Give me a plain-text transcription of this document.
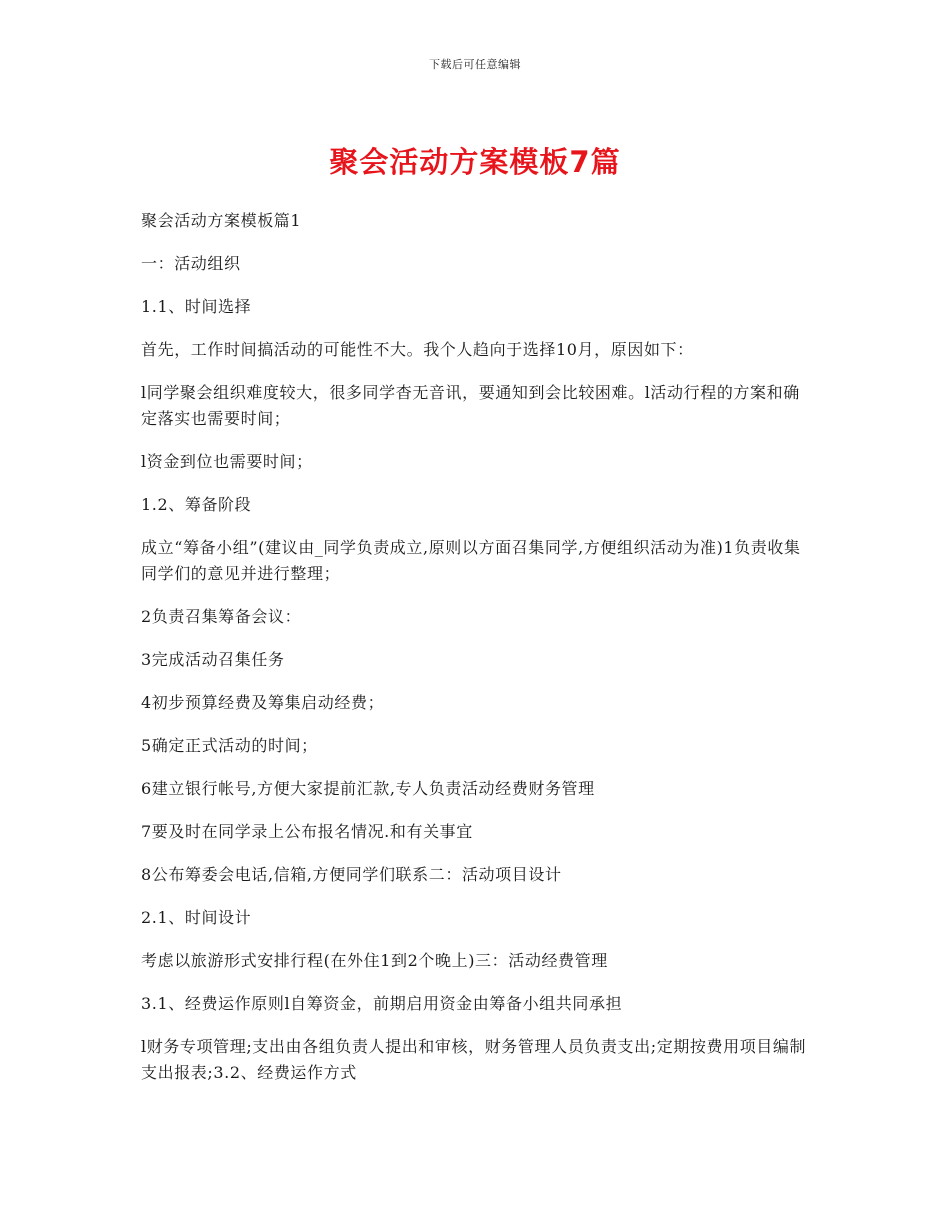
下载后可任意编辑
聚会活动方案模板7篇

聚会活动方案模板篇1

一：活动组织

1.1、时间选择

首先，工作时间搞活动的可能性不大。我个人趋向于选择10月，原因如下：

l同学聚会组织难度较大，很多同学杳无音讯，要通知到会比较困难。l活动行程的方案和确定落实也需要时间；

l资金到位也需要时间；

1.2、筹备阶段

成立“筹备小组”(建议由_同学负责成立,原则以方面召集同学,方便组织活动为准)1负责收集同学们的意见并进行整理；

2负责召集筹备会议：

3完成活动召集任务

4初步预算经费及筹集启动经费；

5确定正式活动的时间；

6建立银行帐号,方便大家提前汇款,专人负责活动经费财务管理

7要及时在同学录上公布报名情况.和有关事宜

8公布筹委会电话,信箱,方便同学们联系二：活动项目设计

2.1、时间设计

考虑以旅游形式安排行程(在外住1到2个晚上)三：活动经费管理

3.1、经费运作原则l自筹资金，前期启用资金由筹备小组共同承担

l财务专项管理;支出由各组负责人提出和审核，财务管理人员负责支出;定期按费用项目编制支出报表;3.2、经费运作方式
